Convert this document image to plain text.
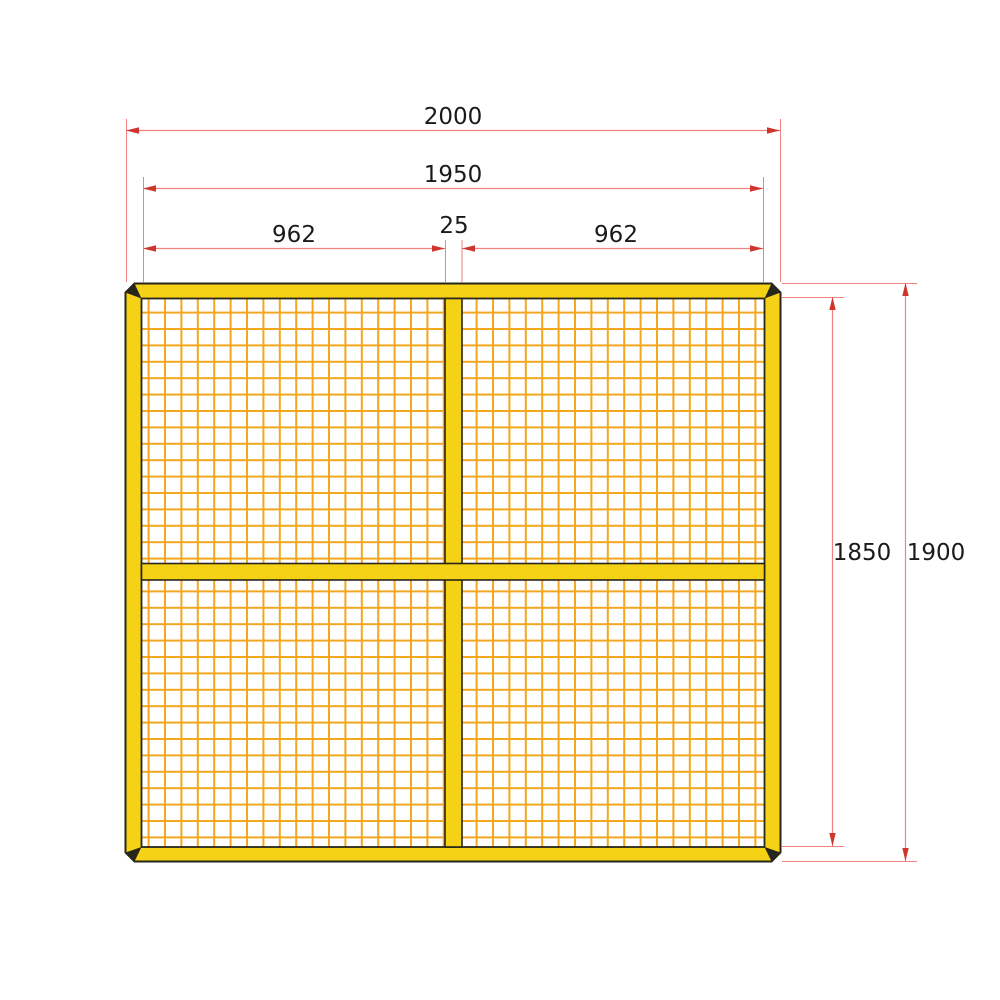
2000
1950
962	25	962
1850 1900
